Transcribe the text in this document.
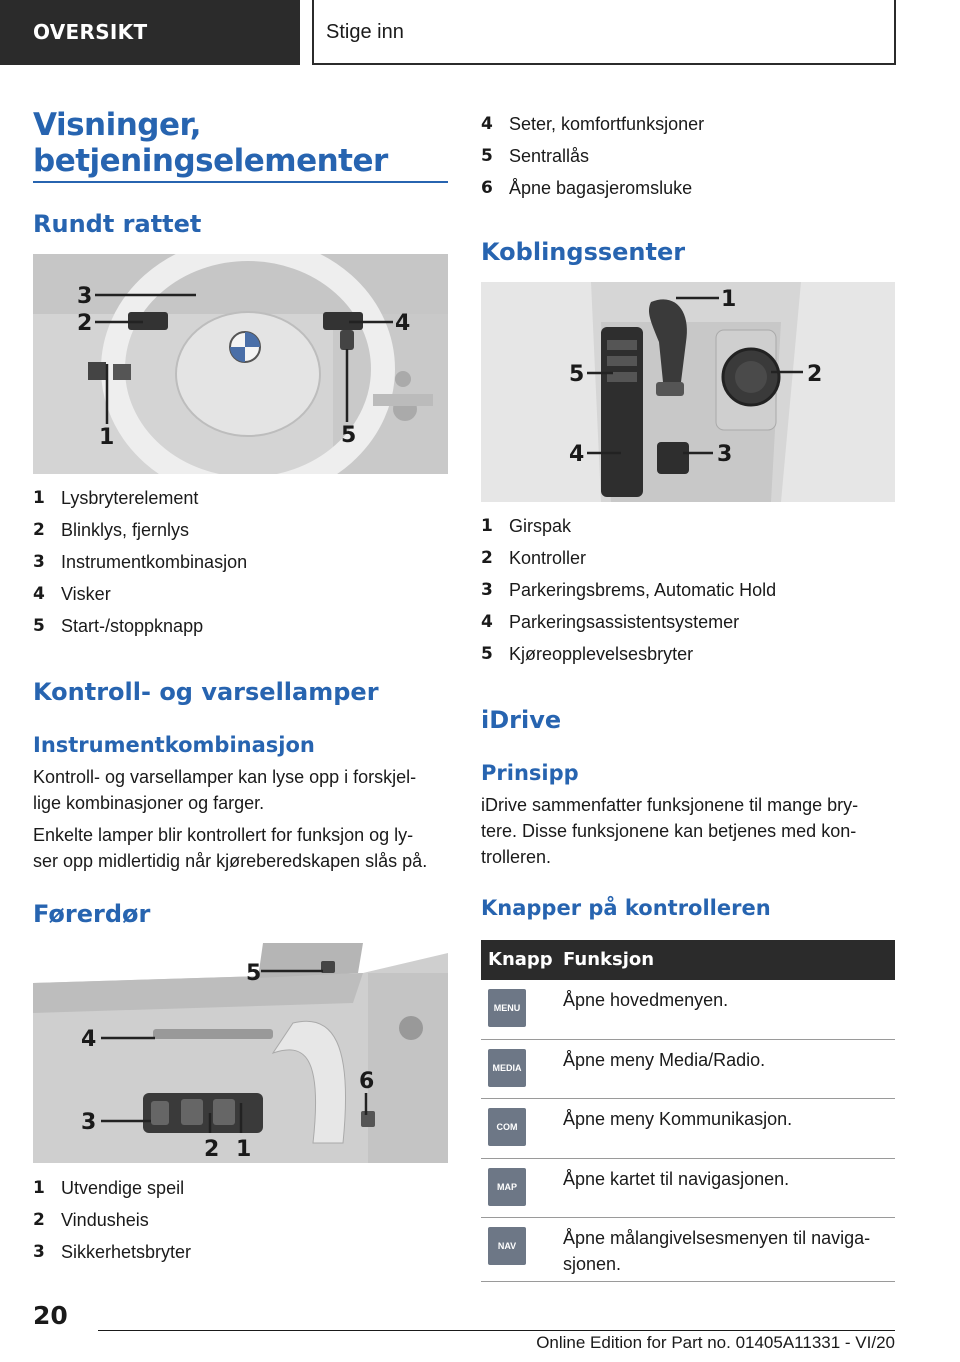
OVERSIKT	Stige inn
Visninger,
betjeningselementer
Rundt rattet
3
2	4
1	5
1 Lysbryterelement
2 Blinklys, fjernlys
3 Instrumentkombinasjon
4 Visker
5 Start-/stoppknapp
Kontroll- og varsellamper
Instrumentkombinasjon
Kontroll- og varsellamper kan lyse opp i forskjel-
lige kombinasjoner og farger.
Enkelte lamper blir kontrollert for funksjon og ly-
ser opp midlertidig når kjøreberedskapen slås på.
Førerdør
5
4
3
2 1
6
1 Utvendige speil
2 Vindusheis
3 Sikkerhetsbryter
4 Seter, komfortfunksjoner
5 Sentrallås
6 Åpne bagasjeromsluke
Koblingssenter
1
2
3
4
5
1 Girspak
2 Kontroller
3 Parkeringsbrems, Automatic Hold
4 Parkeringsassistentsystemer
5 Kjøreopplevelsesbryter
iDrive
Prinsipp
iDrive sammenfatter funksjonene til mange bry-
tere. Disse funksjonene kan betjenes med kon-
trolleren.
Knapper på kontrolleren
Knapp Funksjon
MENU	Åpne hovedmenyen.
MEDIA Åpne meny Media/Radio.
COM	Åpne meny Kommunikasjon.
MAP	Åpne kartet til navigasjonen.
NAV	Åpne målangivelsesmenyen til naviga-
sjonen.
20
Online Edition for Part no. 01405A11331 - VI/20
